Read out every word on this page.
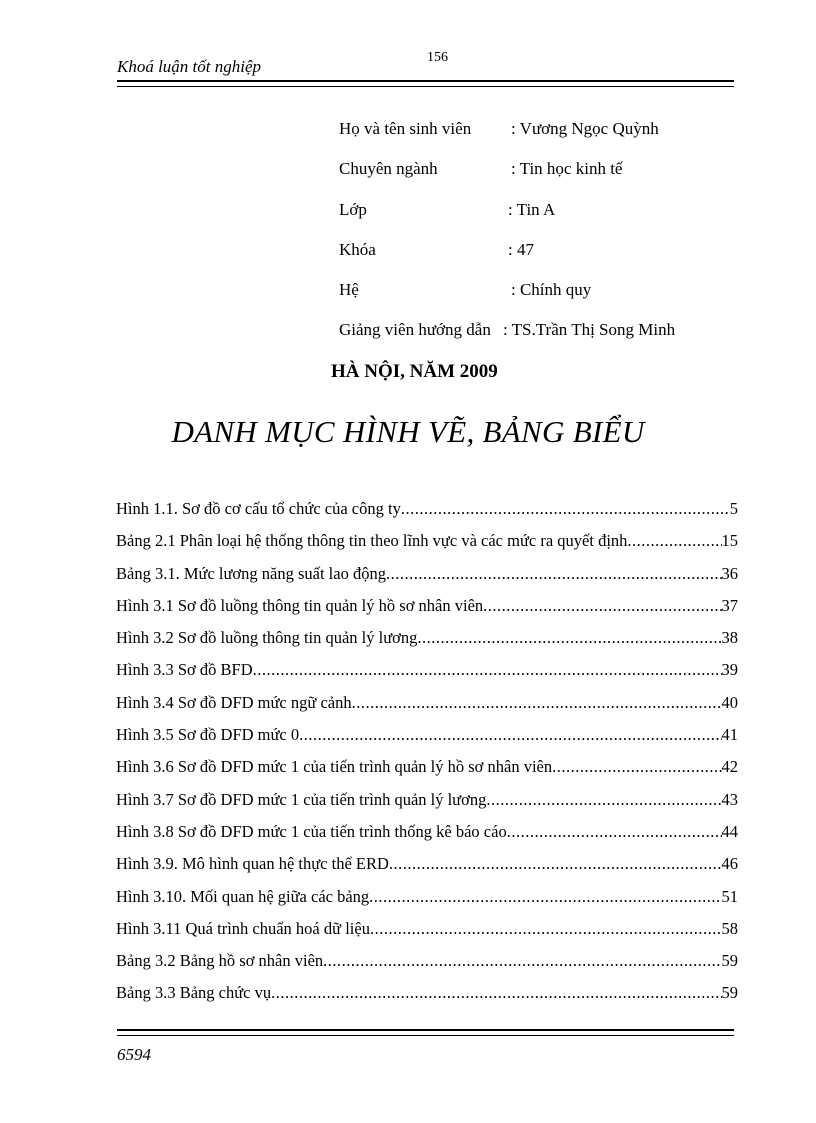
Khoá luận tốt nghiệp	156
Họ và tên sinh viên : Vương Ngọc Quỳnh
Chuyên ngành	: Tin học kinh tế
Lớp	: Tin A
Khóa	: 47
Hệ	: Chính quy
Giảng viên hướng dẫn : TS.Trần Thị Song Minh
HÀ NỘI, NĂM 2009
DANH MỤC HÌNH VẼ, BẢNG BIỂU
Hình 1.1. Sơ đồ cơ cấu tổ chức của công ty .....	5
Bảng 2.1 Phân loại hệ thống thông tin theo lĩnh vực và các mức ra quyết định .....	15
Bảng 3.1. Mức lương năng suất lao động .....	36
Hình 3.1 Sơ đồ luồng thông tin quản lý hồ sơ nhân viên .....	37
Hình 3.2 Sơ đồ luồng thông tin quản lý lương .....	38
Hình 3.3 Sơ đồ BFD .....	39
Hình 3.4 Sơ đồ DFD mức ngữ cảnh .....	40
Hình 3.5 Sơ đồ DFD mức 0 .....	41
Hình 3.6 Sơ đồ DFD mức 1 của tiến trình quản lý hồ sơ nhân viên .....	42
Hình 3.7 Sơ đồ DFD mức 1 của tiến trình quản lý lương .....	43
Hình 3.8 Sơ đồ DFD mức 1 của tiến trình thống kê báo cáo .....	44
Hình 3.9. Mô hình quan hệ thực thể ERD .....	46
Hình 3.10. Mối quan hệ giữa các bảng .....	51
Hình 3.11 Quá trình chuẩn hoá dữ liệu .....	58
Bảng 3.2 Bảng hồ sơ nhân viên .....	59
Bảng 3.3 Bảng chức vụ .....	59
6594
